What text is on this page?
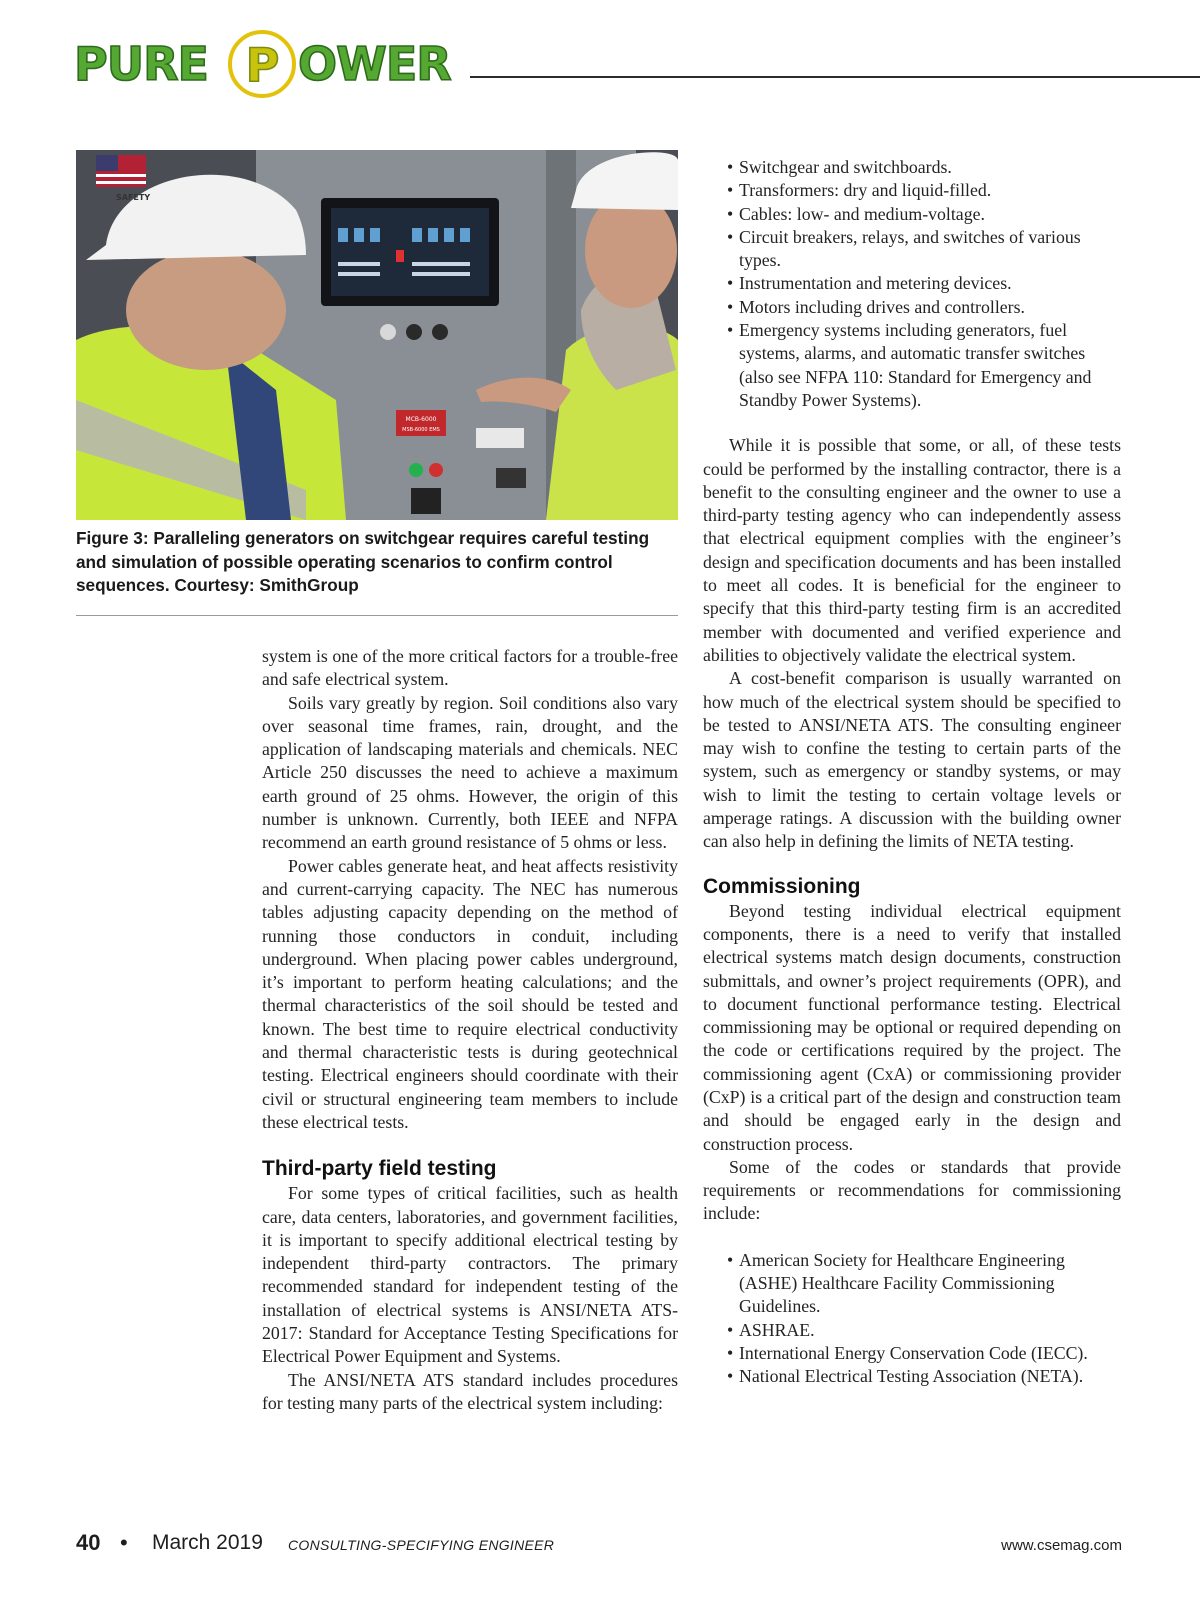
PURE P OWER
MCB-6000
MSB-6000 EMS
SAFETY
Figure 3: Paralleling generators on switchgear requires careful testing and simulation of possible operating scenarios to confirm control sequences. Courtesy: SmithGroup

system is one of the more critical factors for a trouble-free and safe electrical system.

Soils vary greatly by region. Soil conditions also vary over seasonal time frames, rain, drought, and the application of landscaping materials and chemicals. NEC Article 250 discusses the need to achieve a maximum earth ground of 25 ohms. However, the origin of this number is unknown. Currently, both IEEE and NFPA recommend an earth ground resistance of 5 ohms or less.

Power cables generate heat, and heat affects resistivity and current-carrying capacity. The NEC has numerous tables adjusting capacity depending on the method of running those conductors in conduit, including underground. When placing power cables underground, it’s important to perform heating calculations; and the thermal characteristics of the soil should be tested and known. The best time to require electrical conductivity and thermal characteristic tests is during geotechnical testing. Electrical engineers should coordinate with their civil or structural engineering team members to include these electrical tests.

Third-party field testing

For some types of critical facilities, such as health care, data centers, laboratories, and government facilities, it is important to specify additional electrical testing by independent third-party contractors. The primary recommended standard for independent testing of the installation of electrical systems is ANSI/NETA ATS-2017: Standard for Acceptance Testing Specifications for Electrical Power Equipment and Systems.

The ANSI/NETA ATS standard includes procedures for testing many parts of the electrical system including:

• Switchgear and switchboards.
• Transformers: dry and liquid-filled.
• Cables: low- and medium-voltage.
• Circuit breakers, relays, and switches of various types.
• Instrumentation and metering devices.
• Motors including drives and controllers.
• Emergency systems including generators, fuel systems, alarms, and automatic transfer switches (also see NFPA 110: Standard for Emergency and Standby Power Systems).

While it is possible that some, or all, of these tests could be performed by the installing contractor, there is a benefit to the consulting engineer and the owner to use a third-party testing agency who can independently assess that electrical equipment complies with the engineer’s design and specification documents and has been installed to meet all codes. It is beneficial for the engineer to specify that this third-party testing firm is an accredited member with documented and verified experience and abilities to objectively validate the electrical system.

A cost-benefit comparison is usually warranted on how much of the electrical system should be specified to be tested to ANSI/NETA ATS. The consulting engineer may wish to confine the testing to certain parts of the system, such as emergency or standby systems, or may wish to limit the testing to certain voltage levels or amperage ratings. A discussion with the building owner can also help in defining the limits of NETA testing.

Commissioning

Beyond testing individual electrical equipment components, there is a need to verify that installed electrical systems match design documents, construction submittals, and owner’s project requirements (OPR), and to document functional performance testing. Electrical commissioning may be optional or required depending on the code or certifications required by the project. The commissioning agent (CxA) or commissioning provider (CxP) is a critical part of the design and construction team and should be engaged early in the design and construction process.

Some of the codes or standards that provide requirements or recommendations for commissioning include:

• American Society for Healthcare Engineering (ASHE) Healthcare Facility Commissioning Guidelines.
• ASHRAE.
• International Energy Conservation Code (IECC).
• National Electrical Testing Association (NETA).
40 • March 2019 CONSULTING-SPECIFYING ENGINEER	www.csemag.com
